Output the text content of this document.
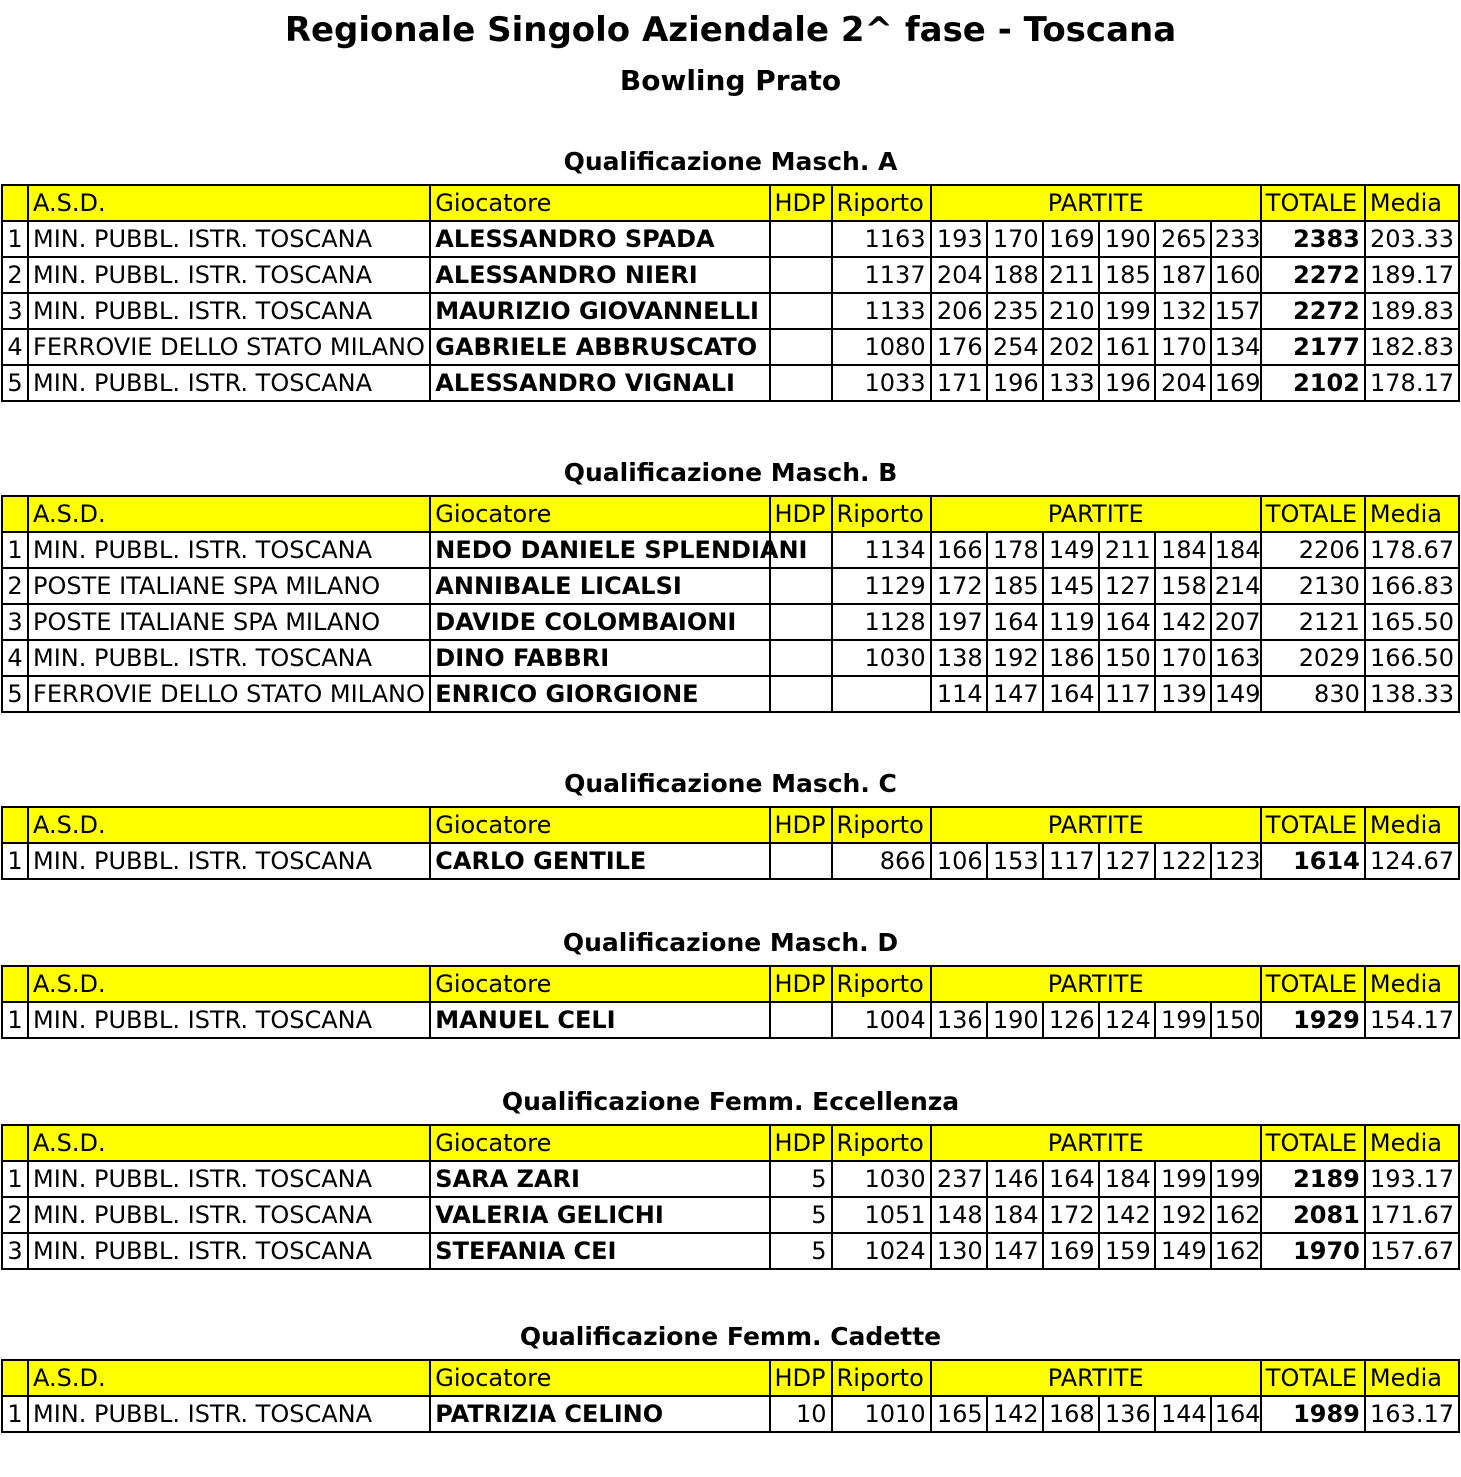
Regionale Singolo Aziendale 2^ fase - Toscana
Bowling Prato
Qualificazione Masch. A
	A.S.D.	Giocatore	HDP	Riporto	PARTITE						TOTALE	Media
1	MIN. PUBBL. ISTR. TOSCANA	ALESSANDRO SPADA		1163	193	170	169	190	265	233	2383	203.33
2	MIN. PUBBL. ISTR. TOSCANA	ALESSANDRO NIERI		1137	204	188	211	185	187	160	2272	189.17
3	MIN. PUBBL. ISTR. TOSCANA	MAURIZIO GIOVANNELLI		1133	206	235	210	199	132	157	2272	189.83
4	FERROVIE DELLO STATO MILANO	GABRIELE ABBRUSCATO		1080	176	254	202	161	170	134	2177	182.83
5	MIN. PUBBL. ISTR. TOSCANA	ALESSANDRO VIGNALI		1033	171	196	133	196	204	169	2102	178.17
Qualificazione Masch. B
	A.S.D.	Giocatore	HDP	Riporto	PARTITE						TOTALE	Media
1	MIN. PUBBL. ISTR. TOSCANA	NEDO DANIELE SPLENDIANI		1134	166	178	149	211	184	184	2206	178.67
2	POSTE ITALIANE SPA MILANO	ANNIBALE LICALSI		1129	172	185	145	127	158	214	2130	166.83
3	POSTE ITALIANE SPA MILANO	DAVIDE COLOMBAIONI		1128	197	164	119	164	142	207	2121	165.50
4	MIN. PUBBL. ISTR. TOSCANA	DINO FABBRI		1030	138	192	186	150	170	163	2029	166.50
5	FERROVIE DELLO STATO MILANO	ENRICO GIORGIONE			114	147	164	117	139	149	830	138.33
Qualificazione Masch. C
	A.S.D.	Giocatore	HDP	Riporto	PARTITE						TOTALE	Media
1	MIN. PUBBL. ISTR. TOSCANA	CARLO GENTILE		866	106	153	117	127	122	123	1614	124.67
Qualificazione Masch. D
	A.S.D.	Giocatore	HDP	Riporto	PARTITE						TOTALE	Media
1	MIN. PUBBL. ISTR. TOSCANA	MANUEL CELI		1004	136	190	126	124	199	150	1929	154.17
Qualificazione Femm. Eccellenza
	A.S.D.	Giocatore	HDP	Riporto	PARTITE						TOTALE	Media
1	MIN. PUBBL. ISTR. TOSCANA	SARA ZARI	5	1030	237	146	164	184	199	199	2189	193.17
2	MIN. PUBBL. ISTR. TOSCANA	VALERIA GELICHI	5	1051	148	184	172	142	192	162	2081	171.67
3	MIN. PUBBL. ISTR. TOSCANA	STEFANIA CEI	5	1024	130	147	169	159	149	162	1970	157.67
Qualificazione Femm. Cadette
	A.S.D.	Giocatore	HDP	Riporto	PARTITE						TOTALE	Media
1	MIN. PUBBL. ISTR. TOSCANA	PATRIZIA CELINO	10	1010	165	142	168	136	144	164	1989	163.17
